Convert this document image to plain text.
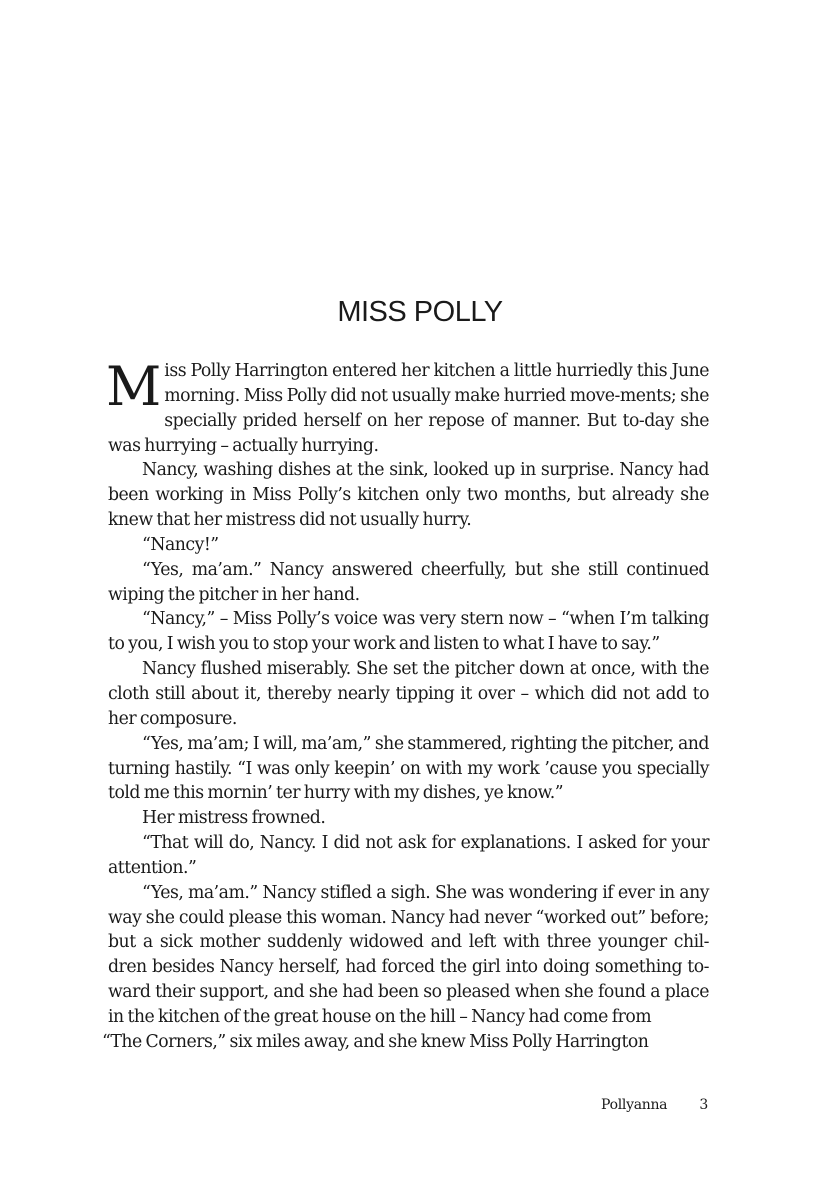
MISS POLLY

Miss Polly Harrington entered her kitchen a little hurriedly this June morning. Miss Polly did not usually make hurried move-ments; she specially prided herself on her repose of manner. But to-day she was hurrying – actually hurrying.

Nancy, washing dishes at the sink, looked up in surprise. Nancy had been working in Miss Polly’s kitchen only two months, but already she knew that her mistress did not usually hurry.

“Nancy!”

“Yes, ma’am.” Nancy answered cheerfully, but she still continued wiping the pitcher in her hand.

“Nancy,” – Miss Polly’s voice was very stern now – “when I’m talking to you, I wish you to stop your work and listen to what I have to say.”

Nancy flushed miserably. She set the pitcher down at once, with the cloth still about it, thereby nearly tipping it over – which did not add to her composure.

“Yes, ma’am; I will, ma’am,” she stammered, righting the pitcher, and turning hastily. “I was only keepin’ on with my work ’cause you specially told me this mornin’ ter hurry with my dishes, ye know.”

Her mistress frowned.

“That will do, Nancy. I did not ask for explanations. I asked for your attention.”

“Yes, ma’am.” Nancy stifled a sigh. She was wondering if ever in any way she could please this woman. Nancy had never “worked out” before; but a sick mother suddenly widowed and left with three younger chil-dren besides Nancy herself, had forced the girl into doing something to-ward their support, and she had been so pleased when she found a place in the kitchen of the great house on the hill – Nancy had come from

“The Corners,” six miles away, and she knew Miss Polly Harrington

Pollyanna 3
